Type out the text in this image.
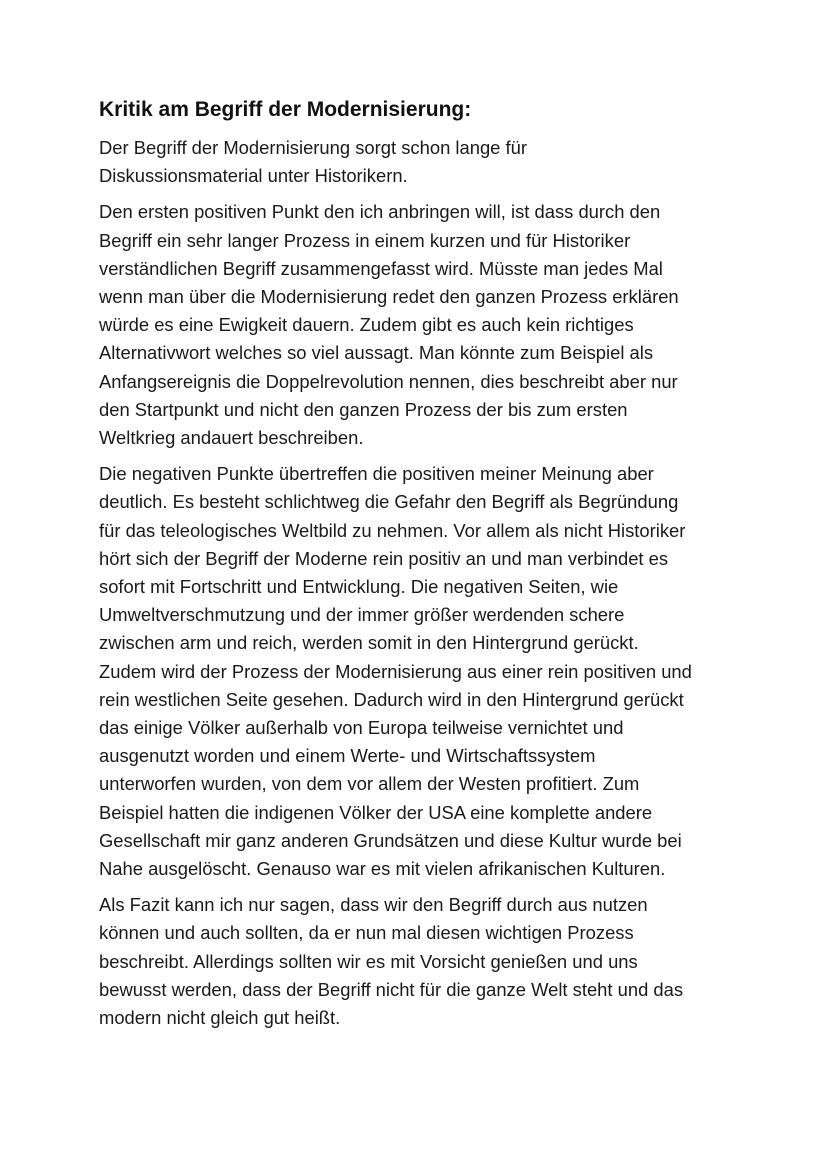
Kritik am Begriff der Modernisierung:

Der Begriff der Modernisierung sorgt schon lange für
Diskussionsmaterial unter Historikern.

Den ersten positiven Punkt den ich anbringen will, ist dass durch den
Begriff ein sehr langer Prozess in einem kurzen und für Historiker
verständlichen Begriff zusammengefasst wird. Müsste man jedes Mal
wenn man über die Modernisierung redet den ganzen Prozess erklären
würde es eine Ewigkeit dauern. Zudem gibt es auch kein richtiges
Alternativwort welches so viel aussagt. Man könnte zum Beispiel als
Anfangsereignis die Doppelrevolution nennen, dies beschreibt aber nur
den Startpunkt und nicht den ganzen Prozess der bis zum ersten
Weltkrieg andauert beschreiben.

Die negativen Punkte übertreffen die positiven meiner Meinung aber
deutlich. Es besteht schlichtweg die Gefahr den Begriff als Begründung
für das teleologisches Weltbild zu nehmen. Vor allem als nicht Historiker
hört sich der Begriff der Moderne rein positiv an und man verbindet es
sofort mit Fortschritt und Entwicklung. Die negativen Seiten, wie
Umweltverschmutzung und der immer größer werdenden schere
zwischen arm und reich, werden somit in den Hintergrund gerückt.
Zudem wird der Prozess der Modernisierung aus einer rein positiven und
rein westlichen Seite gesehen. Dadurch wird in den Hintergrund gerückt
das einige Völker außerhalb von Europa teilweise vernichtet und
ausgenutzt worden und einem Werte- und Wirtschaftssystem
unterworfen wurden, von dem vor allem der Westen profitiert. Zum
Beispiel hatten die indigenen Völker der USA eine komplette andere
Gesellschaft mir ganz anderen Grundsätzen und diese Kultur wurde bei
Nahe ausgelöscht. Genauso war es mit vielen afrikanischen Kulturen.

Als Fazit kann ich nur sagen, dass wir den Begriff durch aus nutzen
können und auch sollten, da er nun mal diesen wichtigen Prozess
beschreibt. Allerdings sollten wir es mit Vorsicht genießen und uns
bewusst werden, dass der Begriff nicht für die ganze Welt steht und das
modern nicht gleich gut heißt.
